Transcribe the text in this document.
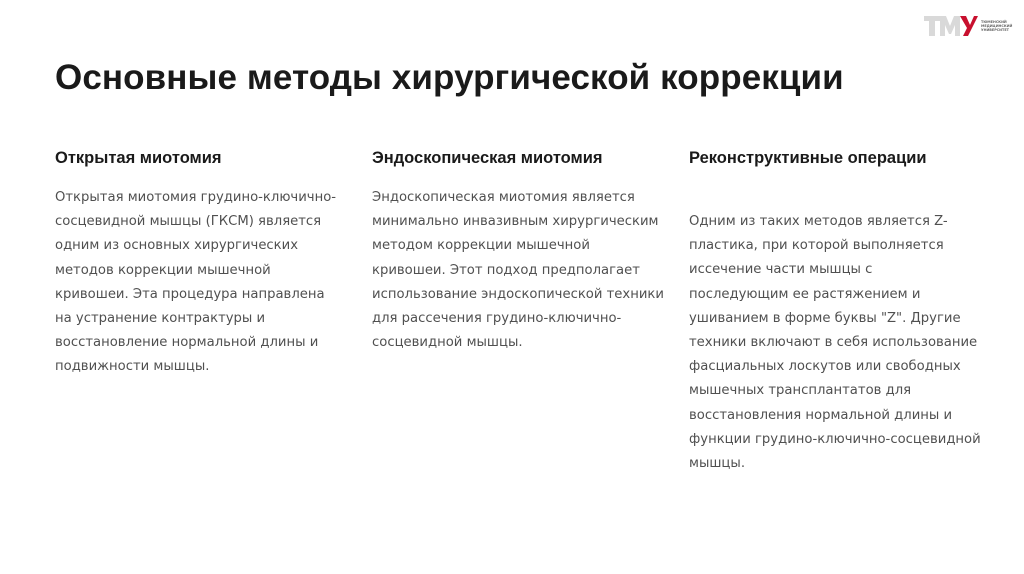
ТЮМЕНСКИЙ
МЕДИЦИНСКИЙ
УНИВЕРСИТЕТ
Основные методы хирургической коррекции
Открытая миотомия

Открытая миотомия грудино-ключично-
сосцевидной мышцы (ГКСМ) является
одним из основных хирургических
методов коррекции мышечной
кривошеи. Эта процедура направлена
на устранение контрактуры и
восстановление нормальной длины и
подвижности мышцы.

Эндоскопическая миотомия

Эндоскопическая миотомия является
минимально инвазивным хирургическим
методом коррекции мышечной
кривошеи. Этот подход предполагает
использование эндоскопической техники
для рассечения грудино-ключично-
сосцевидной мышцы.

Реконструктивные операции

Одним из таких методов является Z-
пластика, при которой выполняется
иссечение части мышцы с
последующим ее растяжением и
ушиванием в форме буквы "Z". Другие
техники включают в себя использование
фасциальных лоскутов или свободных
мышечных трансплантатов для
восстановления нормальной длины и
функции грудино-ключично-сосцевидной
мышцы.
